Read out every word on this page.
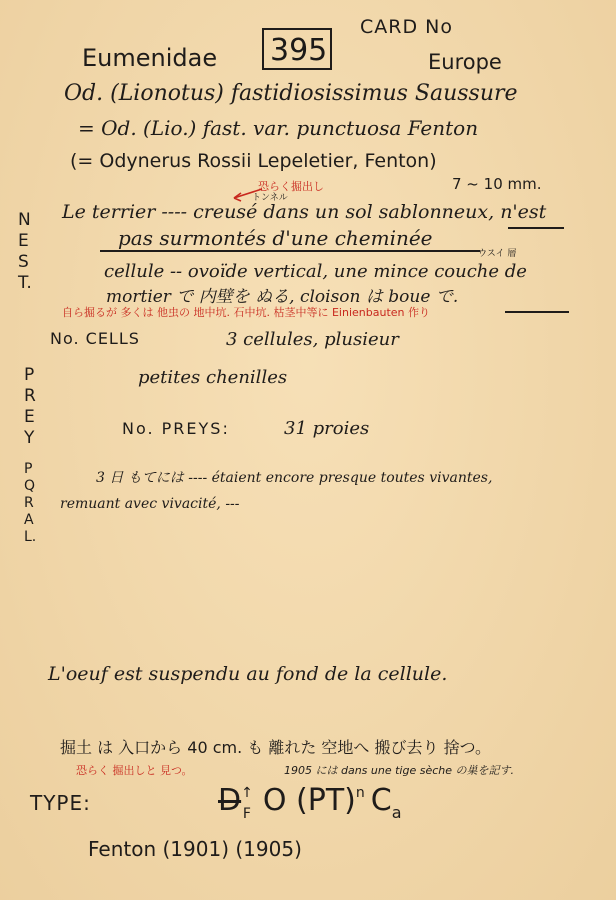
CARD No
395
Eumenidae	Europe
Od. (Lionotus) fastidiosissimus Saussure
= Od. (Lio.) fast. var. punctuosa Fenton
(= Odynerus Rossii Lepeletier, Fenton)
7 ~ 10 mm.
N
E
S
T.
恐らく掘出し
Le terrier ---- creusé dans un sol sablonneux, n'est
トンネル
pas surmontés d'une cheminée
ウスイ 層
cellule -- ovoïde vertical, une mince couche de
mortier で 内壁を ぬる, cloison は boue で.
自ら掘るが 多くは 他虫の 地中坑. 石中坑. 枯茎中等に Einienbauten 作り
No. CELLS	3 cellules, plusieur
P
R
E
Y
petites chenilles
No. PREYS:	31 proies
P
Q
R
A
L.
3 日 もてには ---- étaient encore presque toutes vivantes,
remuant avec vivacité, ---
L'oeuf est suspendu au fond de la cellule.
掘土 は 入口から 40 cm. も 離れた 空地へ 搬び去り 捨つ。
恐らく 掘出しと 見つ。	1905 には dans une tige sèche の巣を記す.
TYPE:	$D^↑_F$ O (PT)$^n$ $C_a$
Fenton (1901) (1905)
